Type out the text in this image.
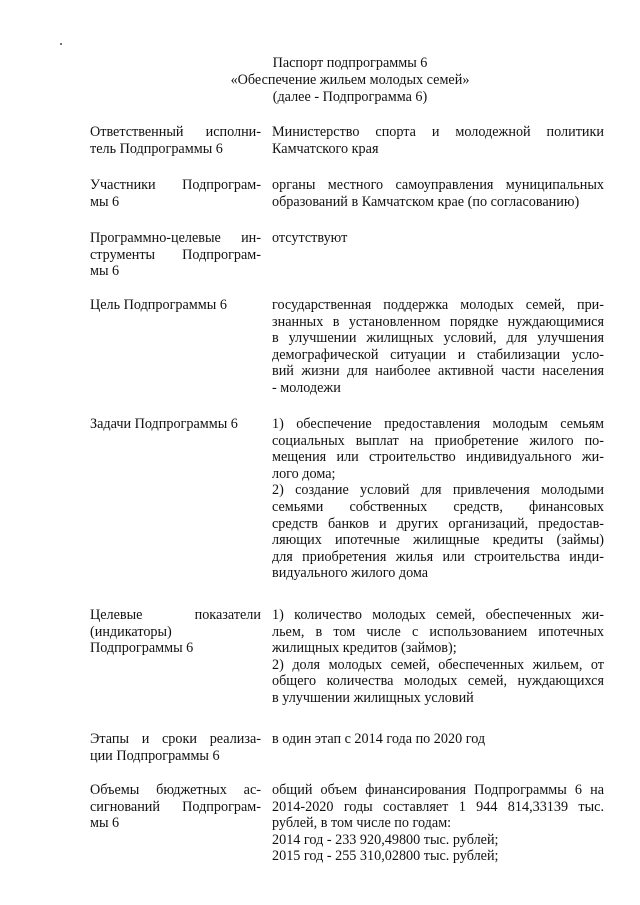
Паспорт подпрограммы 6
«Обеспечение жильем молодых семей»
(далее - Подпрограмма 6)
Ответственный исполни-
тель Подпрограммы 6

Министерство спорта и молодежной политики
Камчатского края

Участники Подпрограм-
мы 6

органы местного самоуправления муниципальных
образований в Камчатском крае (по согласованию)

Программно-целевые ин-
струменты Подпрограм-
мы 6

отсутствуют

Цель Подпрограммы 6	государственная поддержка молодых семей, при-
знанных в установленном порядке нуждающимися
в улучшении жилищных условий, для улучшения
демографической ситуации и стабилизации усло-
вий жизни для наиболее активной части населения
- молодежи

Задачи Подпрограммы 6	1) обеспечение предоставления молодым семьям
социальных выплат на приобретение жилого по-
мещения или строительство индивидуального жи-
лого дома;

2) создание условий для привлечения молодыми
семьями собственных средств, финансовых
средств банков и других организаций, предостав-
ляющих ипотечные жилищные кредиты (займы)
для приобретения жилья или строительства инди-
видуального жилого дома

Целевые показатели
(индикаторы)
Подпрограммы 6

1) количество молодых семей, обеспеченных жи-
льем, в том числе с использованием ипотечных
жилищных кредитов (займов);

2) доля молодых семей, обеспеченных жильем, от
общего количества молодых семей, нуждающихся
в улучшении жилищных условий

Этапы и сроки реализа-
ции Подпрограммы 6

в один этап с 2014 года по 2020 год

Объемы бюджетных ас-
сигнований Подпрограм-
мы 6

общий объем финансирования Подпрограммы 6 на
2014-2020 годы составляет 1 944 814,33139 тыс.
рублей, в том числе по годам:

2014 год - 233 920,49800 тыс. рублей;

2015 год - 255 310,02800 тыс. рублей;
